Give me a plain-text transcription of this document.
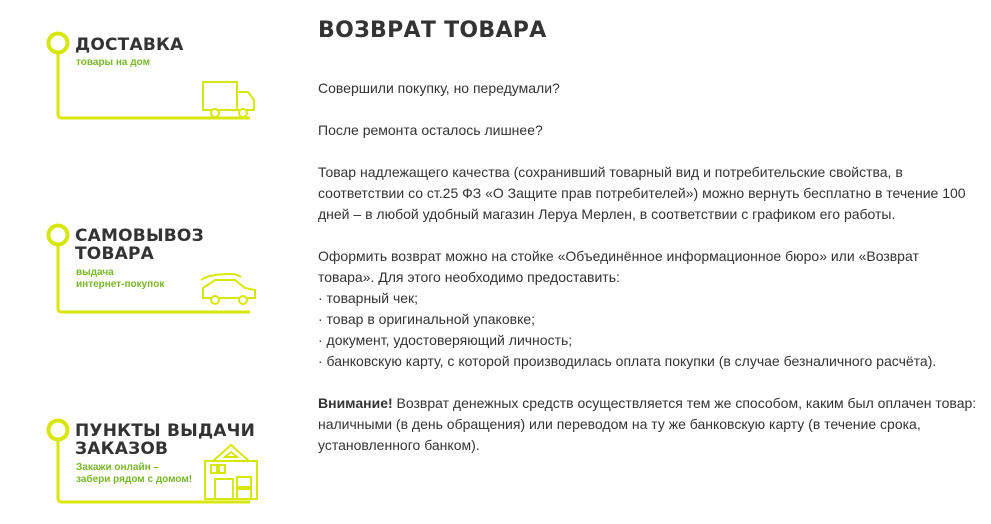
ДОСТАВКА
товары на дом
САМОВЫВОЗ
ТОВАРА
выдача
интернет-покупок
ПУНКТЫ ВЫДАЧИ
ЗАКАЗОВ
Закажи онлайн –
забери рядом с домом!
ВОЗВРАТ ТОВАРА

Совершили покупку, но передумали?

После ремонта осталось лишнее?

Товар надлежащего качества (сохранивший товарный вид и потребительские свойства, в соответствии со ст.25 ФЗ «О Защите прав потребителей») можно вернуть бесплатно в течение 100 дней – в любой удобный магазин Леруа Мерлен, в соответствии с графиком его работы.

Оформить возврат можно на стойке «Объединённое информационное бюро» или «Возврат товара». Для этого необходимо предоставить:

· товарный чек;
· товар в оригинальной упаковке;
· документ, удостоверяющий личность;
· банковскую карту, с которой производилась оплата покупки (в случае безналичного расчёта).

Внимание! Возврат денежных средств осуществляется тем же способом, каким был оплачен товар: наличными (в день обращения) или переводом на ту же банковскую карту (в течение срока, установленного банком).
